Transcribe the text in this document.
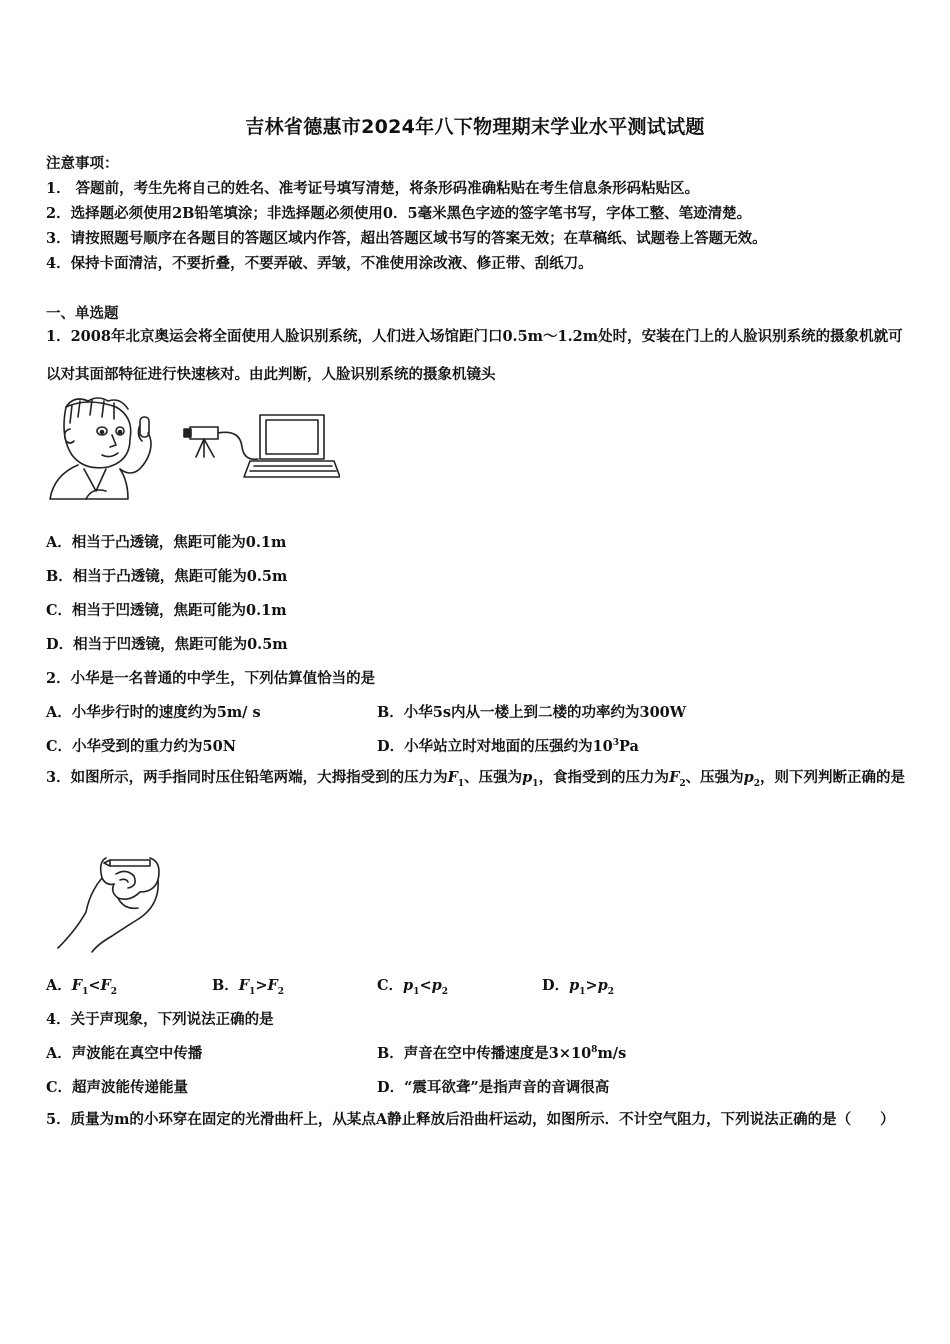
吉林省德惠市2024年八下物理期末学业水平测试试题
注意事项：
1． 答题前，考生先将自己的姓名、准考证号填写清楚，将条形码准确粘贴在考生信息条形码粘贴区。
2．选择题必须使用2B铅笔填涂；非选择题必须使用0．5毫米黑色字迹的签字笔书写，字体工整、笔迹清楚。
3．请按照题号顺序在各题目的答题区域内作答，超出答题区域书写的答案无效；在草稿纸、试题卷上答题无效。
4．保持卡面清洁，不要折叠，不要弄破、弄皱，不准使用涂改液、修正带、刮纸刀。
一、单选题
1．2008年北京奥运会将全面使用人脸识别系统，人们进入场馆距门口0.5m～1.2m处时，安装在门上的人脸识别系统的摄象机就可以对其面部特征进行快速核对。由此判断，人脸识别系统的摄象机镜头
A．相当于凸透镜，焦距可能为0.1m
B．相当于凸透镜，焦距可能为0.5m
C．相当于凹透镜，焦距可能为0.1m
D．相当于凹透镜，焦距可能为0.5m
2．小华是一名普通的中学生，下列估算值恰当的是
A．小华步行时的速度约为5m/ s	B．小华5s内从一楼上到二楼的功率约为300W
C．小华受到的重力约为50N	D．小华站立时对地面的压强约为$10^3Pa$
3．如图所示，两手指同时压住铅笔两端，大拇指受到的压力为$F_1$、压强为$p_1$，食指受到的压力为$F_2$、压强为$p_2$，则下列判断正确的是
A．$F_1<F_2$	B．$F_1>F_2$	C．$p_1<p_2$	D．$p_1>p_2$
4．关于声现象，下列说法正确的是
A．声波能在真空中传播	B．声音在空中传播速度是$3\times 10^8m/s$
C．超声波能传递能量	D．“震耳欲聋”是指声音的音调很高
5．质量为m的小环穿在固定的光滑曲杆上，从某点A静止释放后沿曲杆运动，如图所示．不计空气阻力，下列说法正确的是（　　）
